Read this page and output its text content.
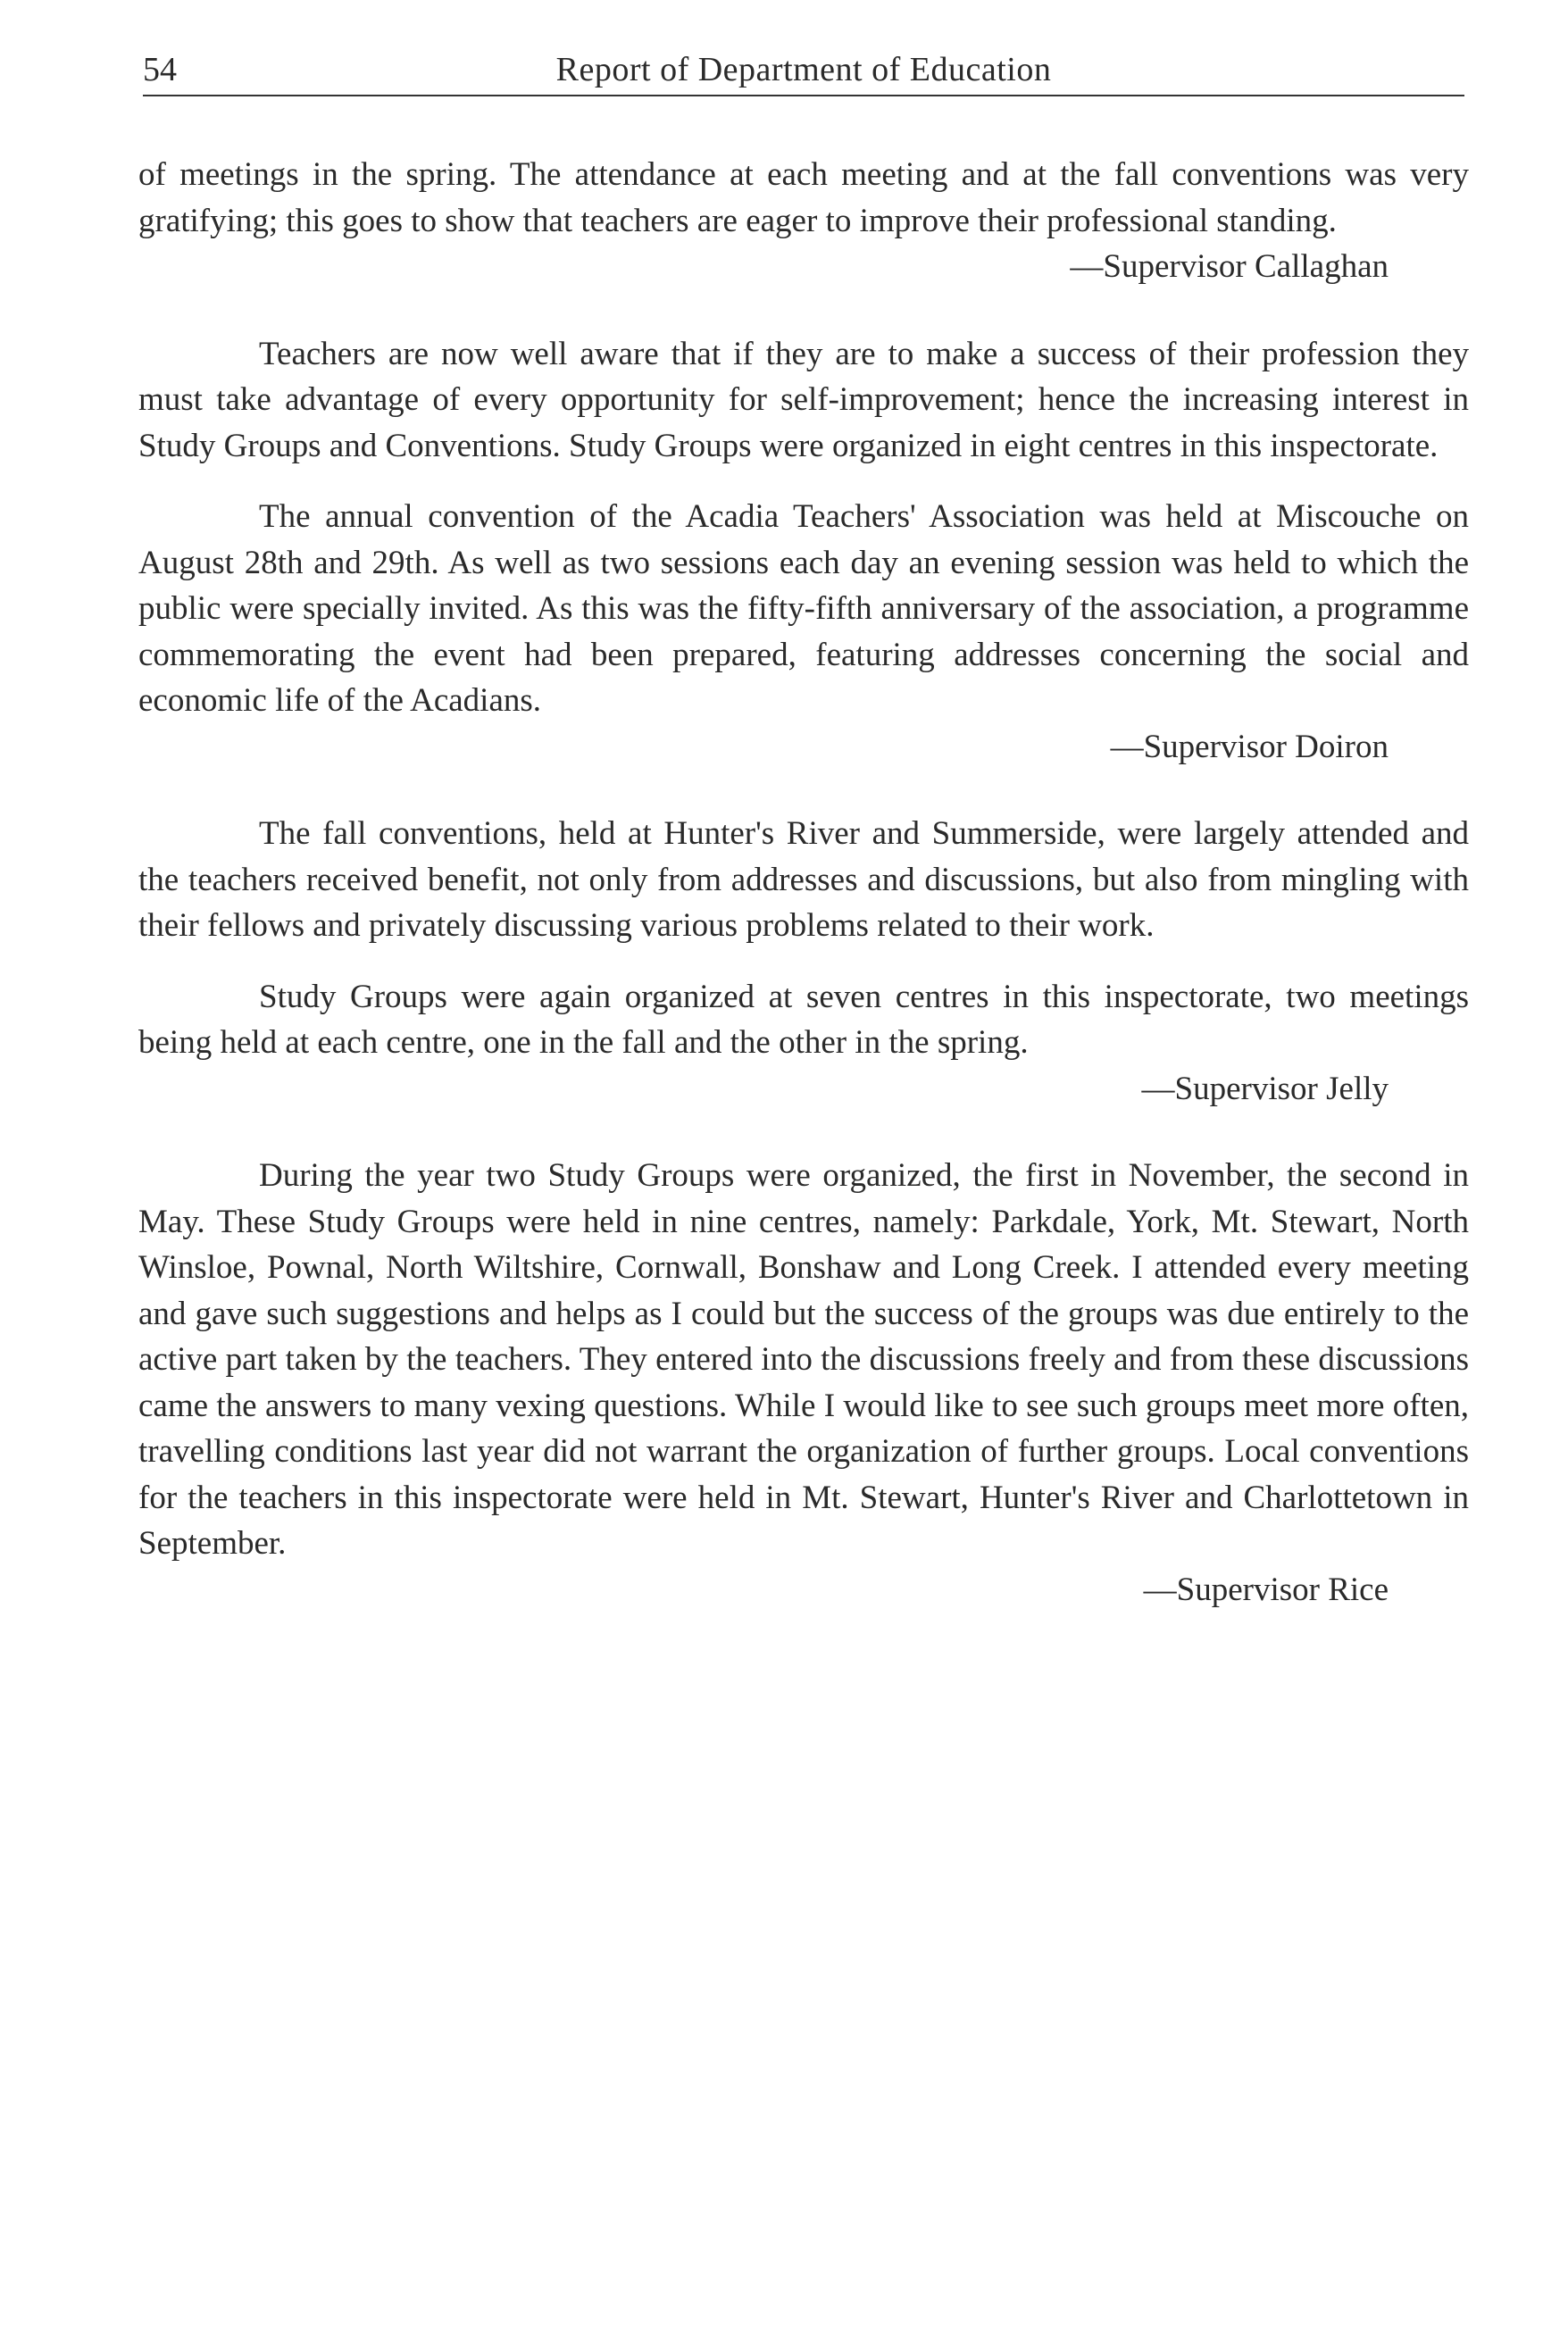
54	Report of Department of Education

of meetings in the spring. The attendance at each meeting and at the fall conventions was very gratifying; this goes to show that teachers are eager to improve their professional standing.

—Supervisor Callaghan

Teachers are now well aware that if they are to make a success of their profession they must take advantage of every opportunity for self-improvement; hence the increasing interest in Study Groups and Conventions. Study Groups were organized in eight centres in this inspectorate.

The annual convention of the Acadia Teachers' Association was held at Miscouche on August 28th and 29th. As well as two sessions each day an evening session was held to which the public were specially invited. As this was the fifty-fifth anniversary of the association, a programme commemorating the event had been prepared, featuring addresses concerning the social and economic life of the Acadians.

—Supervisor Doiron

The fall conventions, held at Hunter's River and Summerside, were largely attended and the teachers received benefit, not only from addresses and discussions, but also from mingling with their fellows and privately discussing various problems related to their work.

Study Groups were again organized at seven centres in this inspectorate, two meetings being held at each centre, one in the fall and the other in the spring.

—Supervisor Jelly

During the year two Study Groups were organized, the first in November, the second in May. These Study Groups were held in nine centres, namely: Parkdale, York, Mt. Stewart, North Winsloe, Pownal, North Wiltshire, Cornwall, Bonshaw and Long Creek. I attended every meeting and gave such suggestions and helps as I could but the success of the groups was due entirely to the active part taken by the teachers. They entered into the discussions freely and from these discussions came the answers to many vexing questions. While I would like to see such groups meet more often, travelling conditions last year did not warrant the organization of further groups. Local conventions for the teachers in this inspectorate were held in Mt. Stewart, Hunter's River and Charlottetown in September.

—Supervisor Rice
